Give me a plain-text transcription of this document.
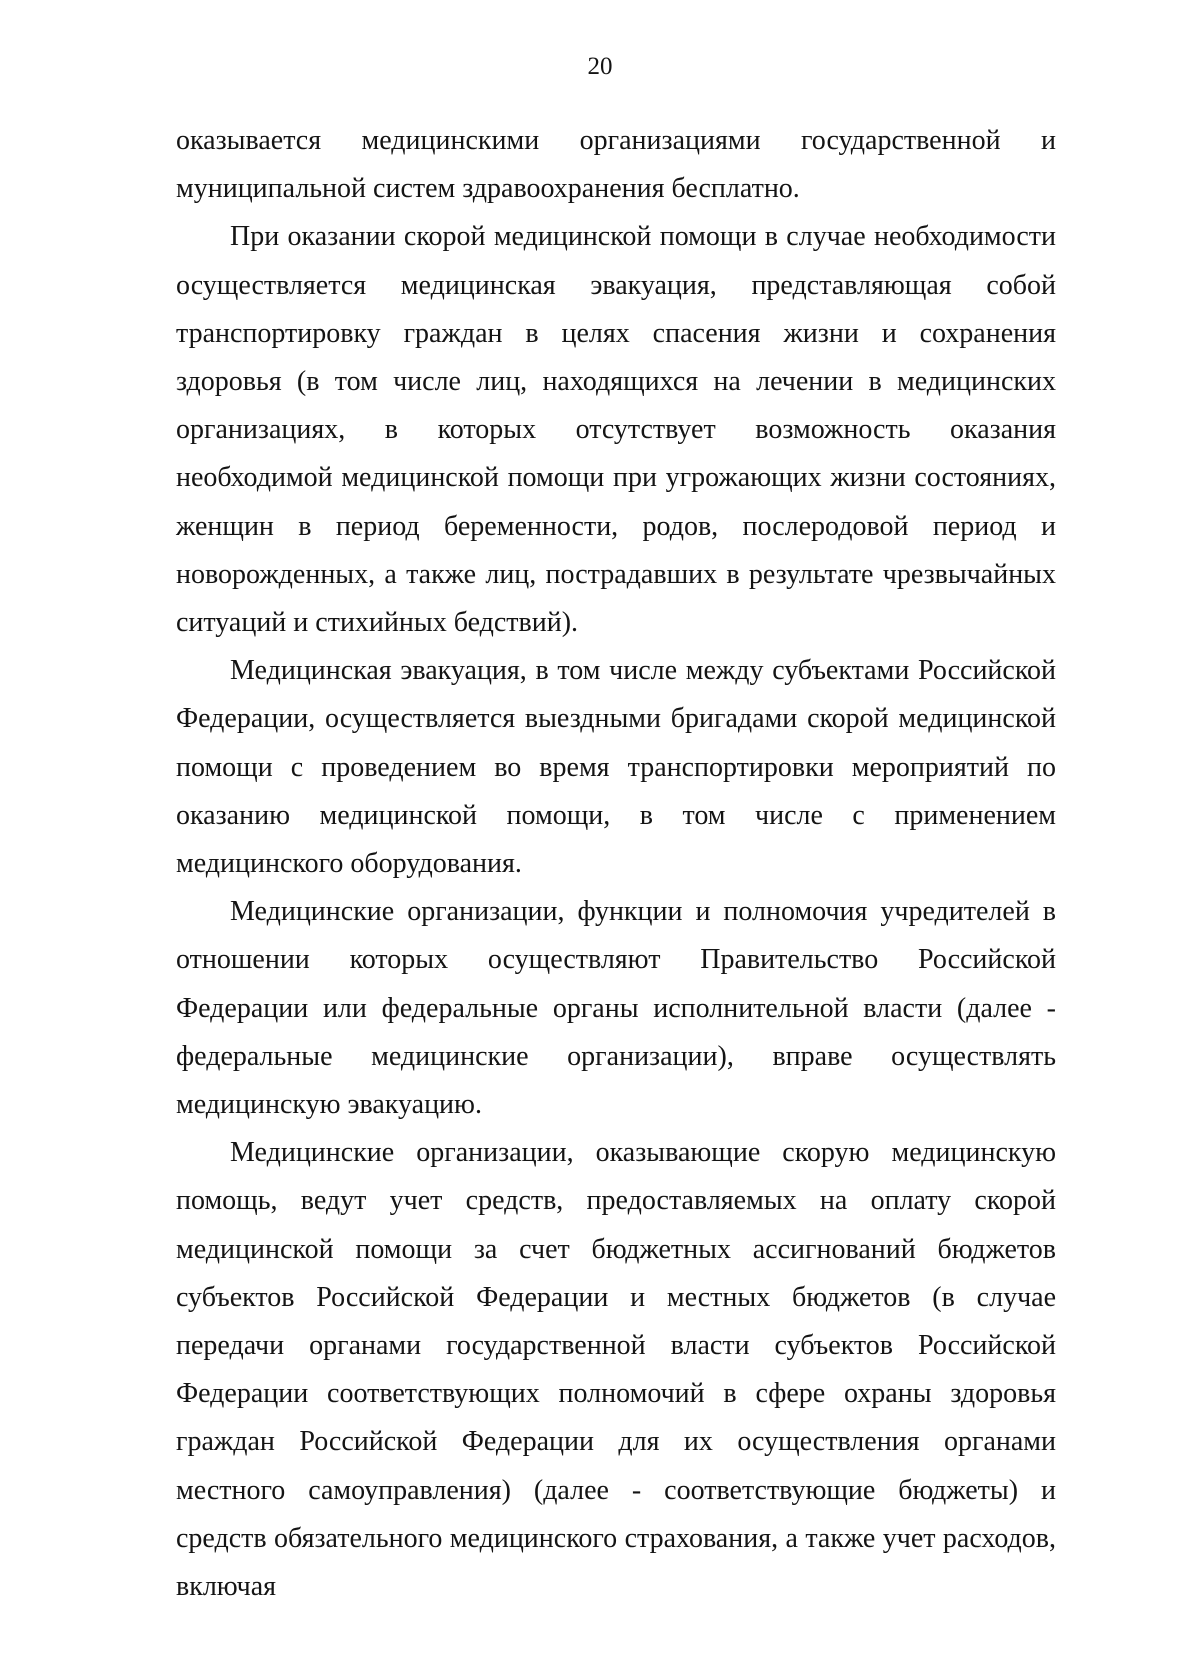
20

оказывается медицинскими организациями государственной и муниципальной систем здравоохранения бесплатно.

При оказании скорой медицинской помощи в случае необходимости осуществляется медицинская эвакуация, представляющая собой транспортировку граждан в целях спасения жизни и сохранения здоровья (в том числе лиц, находящихся на лечении в медицинских организациях, в которых отсутствует возможность оказания необходимой медицинской помощи при угрожающих жизни состояниях, женщин в период беременности, родов, послеродовой период и новорожденных, а также лиц, пострадавших в результате чрезвычайных ситуаций и стихийных бедствий).

Медицинская эвакуация, в том числе между субъектами Российской Федерации, осуществляется выездными бригадами скорой медицинской помощи с проведением во время транспортировки мероприятий по оказанию медицинской помощи, в том числе с применением медицинского оборудования.

Медицинские организации, функции и полномочия учредителей в отношении которых осуществляют Правительство Российской Федерации или федеральные органы исполнительной власти (далее - федеральные медицинские организации), вправе осуществлять медицинскую эвакуацию.

Медицинские организации, оказывающие скорую медицинскую помощь, ведут учет средств, предоставляемых на оплату скорой медицинской помощи за счет бюджетных ассигнований бюджетов субъектов Российской Федерации и местных бюджетов (в случае передачи органами государственной власти субъектов Российской Федерации соответствующих полномочий в сфере охраны здоровья граждан Российской Федерации для их осуществления органами местного самоуправления) (далее - соответствующие бюджеты) и средств обязательного медицинского страхования, а также учет расходов, включая
